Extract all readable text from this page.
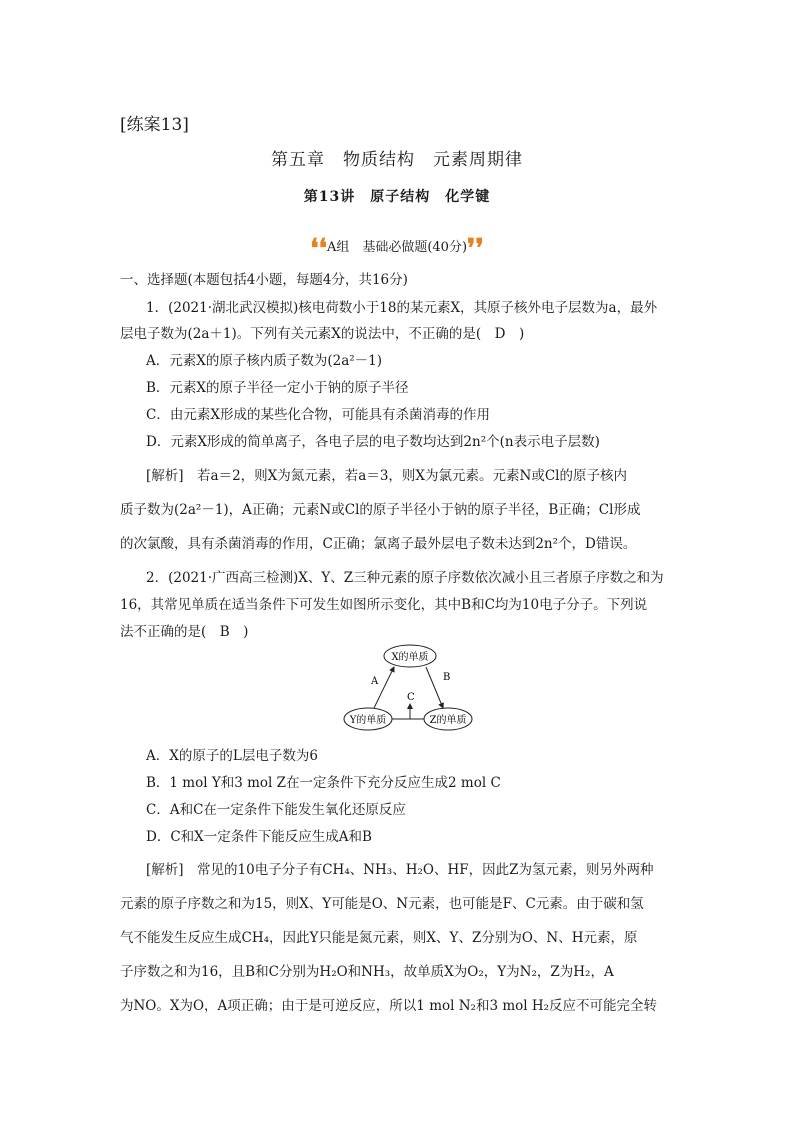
[练案13]
第五章　物质结构　元素周期律
第13讲　原子结构　化学键
❛❛A组　基础必做题(40分)❜❜
一、选择题(本题包括4小题，每题4分，共16分)
1．(2021·湖北武汉模拟)核电荷数小于18的某元素X，其原子核外电子层数为a，最外
层电子数为(2a＋1)。下列有关元素X的说法中，不正确的是(　D　)
A．元素X的原子核内质子数为(2a²－1)
B．元素X的原子半径一定小于钠的原子半径
C．由元素X形成的某些化合物，可能具有杀菌消毒的作用
D．元素X形成的简单离子，各电子层的电子数均达到2n²个(n表示电子层数)
[解析]　若a＝2，则X为氮元素，若a＝3，则X为氯元素。元素N或Cl的原子核内
质子数为(2a²－1)，A正确；元素N或Cl的原子半径小于钠的原子半径，B正确；Cl形成
的次氯酸，具有杀菌消毒的作用，C正确；氯离子最外层电子数未达到2n²个，D错误。
2．(2021·广西高三检测)X、Y、Z三种元素的原子序数依次减小且三者原子序数之和为
16，其常见单质在适当条件下可发生如图所示变化，其中B和C均为10电子分子。下列说
法不正确的是(　B　)
X的单质
Y的单质	Z的单质
A	B
C
A．X的原子的L层电子数为6
B．1 mol Y和3 mol Z在一定条件下充分反应生成2 mol C
C．A和C在一定条件下能发生氧化还原反应
D．C和X一定条件下能反应生成A和B
[解析]　常见的10电子分子有CH₄、NH₃、H₂O、HF，因此Z为氢元素，则另外两种
元素的原子序数之和为15，则X、Y可能是O、N元素，也可能是F、C元素。由于碳和氢
气不能发生反应生成CH₄，因此Y只能是氮元素，则X、Y、Z分别为O、N、H元素，原
子序数之和为16，且B和C分别为H₂O和NH₃，故单质X为O₂，Y为N₂，Z为H₂，A
为NO。X为O，A项正确；由于是可逆反应，所以1 mol N₂和3 mol H₂反应不可能完全转
